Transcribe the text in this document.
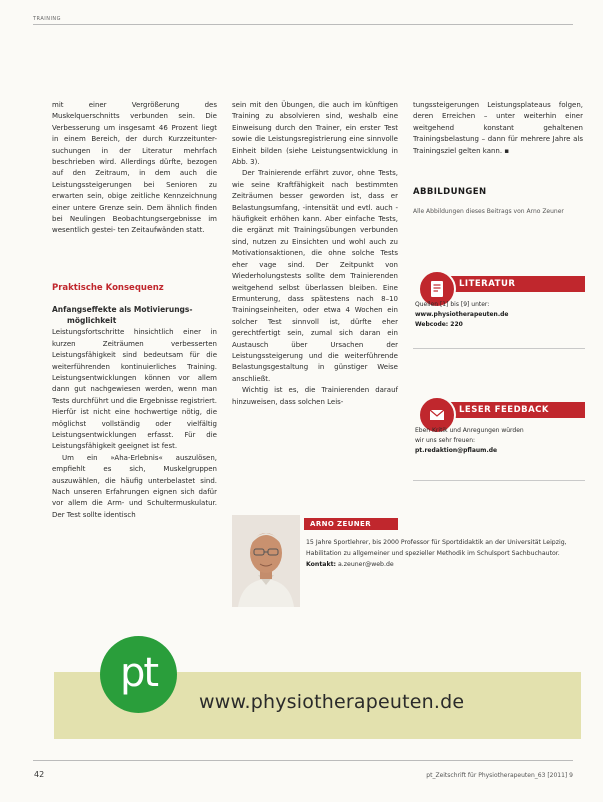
TRAINING

mit einer Vergrößerung des Muskelquerschnitts verbunden sein. Die Verbesserung um insgesamt 46 Prozent liegt in einem Bereich, der durch Kurzzeitunter- suchungen in der Literatur mehrfach beschrieben wird. Allerdings dürfte, bezogen auf den Zeitraum, in dem auch die Leistungssteigerungen bei Senioren zu erwarten sein, obige zeitliche Kennzeichnung einer untere Grenze sein. Dem ähnlich finden bei Neulingen Beobachtungsergebnisse im wesentlich gestei- ten Zeitaufwänden statt.

Praktische Konsequenz
Anfangseffekte als Motivierungs-
möglichkeit

Leistungsfortschritte hinsichtlich einer in kurzen Zeiträumen verbesserten Leistungsfähigkeit sind bedeutsam für die weiterführenden kontinuierliches Training. Leistungsentwicklungen können vor allem dann gut nachgewiesen werden, wenn man Tests durchführt und die Ergebnisse registriert. Hierfür ist nicht eine hochwertige nötig, die möglichst vollständig oder vielfältig Leistungsentwicklungen erfasst. Für die Leistungsfähigkeit geeignet ist fest.

Um ein »Aha-Erlebnis« auszulösen, empfiehlt es sich, Muskelgruppen auszuwählen, die häufig unterbelastet sind. Nach unseren Erfahrungen eignen sich dafür vor allem die Arm- und Schultermuskulatur. Der Test sollte identisch

sein mit den Übungen, die auch im künftigen Training zu absolvieren sind, weshalb eine Einweisung durch den Trainer, ein erster Test sowie die Leistungsregistrierung eine sinnvolle Einheit bilden (siehe Leistungsentwicklung in Abb. 3).

Der Trainierende erfährt zuvor, ohne Tests, wie seine Kraftfähigkeit nach bestimmten Zeiträumen besser geworden ist, dass er Belastungsumfang, -intensität und evtl. auch -häufigkeit erhöhen kann. Aber einfache Tests, die ergänzt mit Trainingsübungen verbunden sind, nutzen zu Einsichten und wohl auch zu Motivationsaktionen, die ohne solche Tests eher vage sind. Der Zeitpunkt von Wiederholungstests sollte dem Trainierenden weitgehend selbst überlassen bleiben. Eine Ermunterung, dass spätestens nach 8–10 Trainingseinheiten, oder etwa 4 Wochen ein solcher Test sinnvoll ist, dürfte eher gerechtfertigt sein, zumal sich daran ein Austausch über Ursachen der Leistungssteigerung und die weiterführende Belastungsgestaltung in günstiger Weise anschließt.

Wichtig ist es, die Trainierenden darauf hinzuweisen, dass solchen Leis-

tungssteigerungen Leistungsplateaus folgen, deren Erreichen – unter weiterhin einer weitgehend konstant gehaltenen Trainingsbelastung – dann für mehrere Jahre als Trainingsziel gelten kann. ▪

ABBILDUNGEN
Alle Abbildungen dieses Beitrags von Arno Zeuner
LITERATUR
Quellen [1] bis [9] unter:
www.physiotherapeuten.de
Webcode: 220
LESER FEEDBACK
Eben Kritik und Anregungen würden
wir uns sehr freuen:
pt.redaktion@pflaum.de
ARNO ZEUNER
15 Jahre Sportlehrer, bis 2000 Professor für Sportdidaktik an der Universität Leipzig, Habilitation zu allgemeiner und spezieller Methodik im Schulsport Sachbuchautor.
Kontakt: a.zeuner@web.de
www.physiotherapeuten.de
pt
42	pt_Zeitschrift für Physiotherapeuten_63 [2011] 9
